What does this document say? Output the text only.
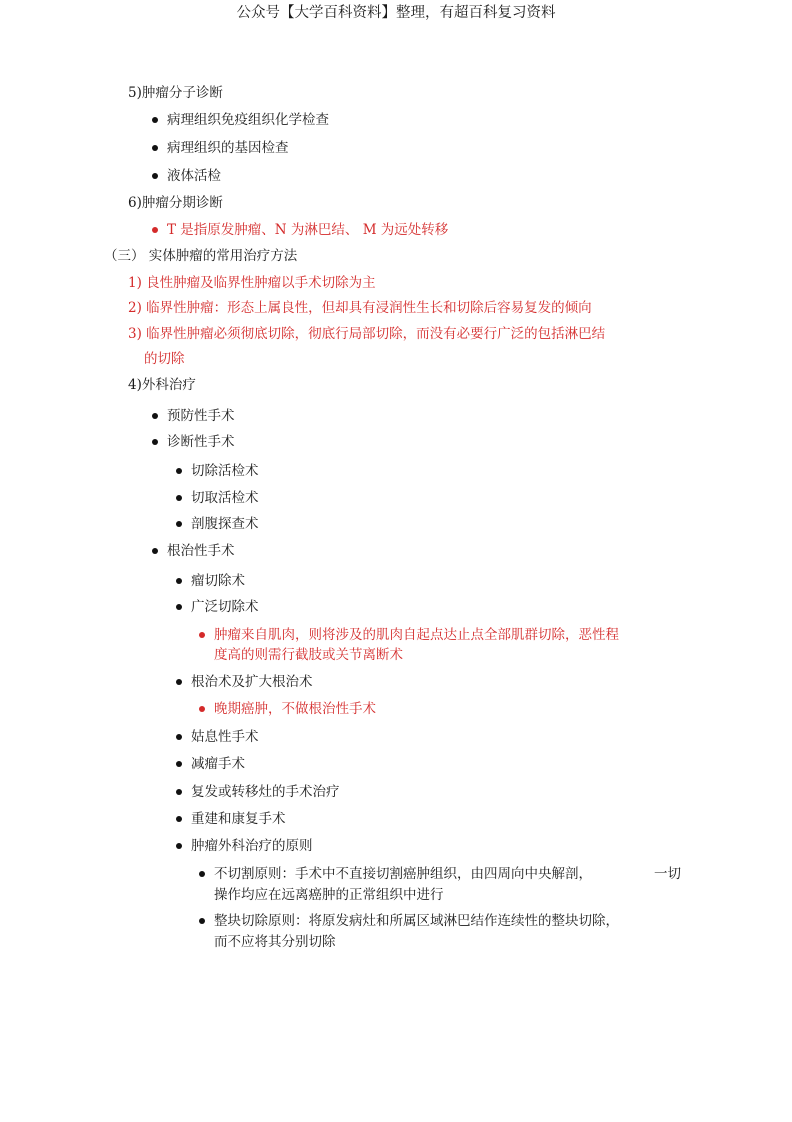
公众号【大学百科资料】整理，有超百科复习资料
5)肿瘤分子诊断
病理组织免疫组织化学检查
病理组织的基因检查
液体活检
6)肿瘤分期诊断
T 是指原发肿瘤、N 为淋巴结、 M 为远处转移
（三） 实体肿瘤的常用治疗方法
1) 良性肿瘤及临界性肿瘤以手术切除为主
2) 临界性肿瘤：形态上属良性，但却具有浸润性生长和切除后容易复发的倾向
3) 临界性肿瘤必须彻底切除，彻底行局部切除，而没有必要行广泛的包括淋巴结
的切除
4)外科治疗
预防性手术
诊断性手术
切除活检术
切取活检术
剖腹探查术
根治性手术
瘤切除术
广泛切除术
肿瘤来自肌肉，则将涉及的肌肉自起点达止点全部肌群切除，恶性程
度高的则需行截肢或关节离断术
根治术及扩大根治术
晚期癌肿，不做根治性手术
姑息性手术
减瘤手术
复发或转移灶的手术治疗
重建和康复手术
肿瘤外科治疗的原则
不切割原则：手术中不直接切割癌肿组织，由四周向中央解剖，	一切
操作均应在远离癌肿的正常组织中进行
整块切除原则：将原发病灶和所属区域淋巴结作连续性的整块切除，
而不应将其分别切除
